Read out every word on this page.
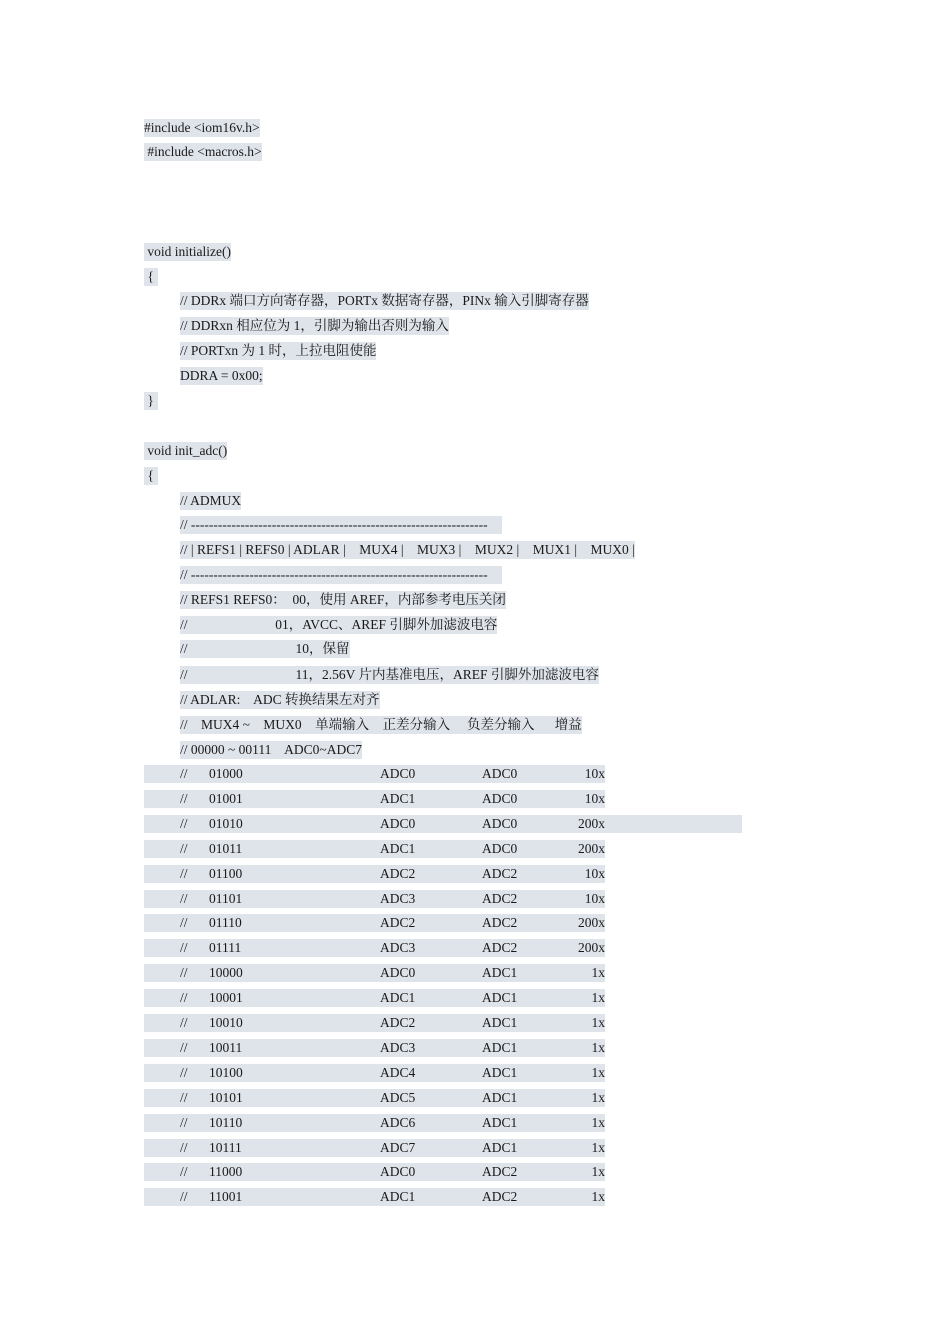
#include <iom16v.h>

#include <macros.h>

void initialize()

{

// DDRx 端口方向寄存器，PORTx 数据寄存器，PINx 输入引脚寄存器

// DDRxn 相应位为 1，引脚为输出否则为输入

// PORTxn 为 1 时，上拉电阻使能

DDRA = 0x00;

}

void init_adc()

{

// ADMUX

// ------------------------------------------------------------------

// | REFS1 | REFS0 | ADLAR |    MUX4 |    MUX3 |    MUX2 |    MUX1 |    MUX0 |

// ------------------------------------------------------------------

// REFS1 REFS0：  00，使用 AREF，内部参考电压关闭

//                          01，AVCC、AREF 引脚外加滤波电容

//                                10，保留

//                                11，2.56V 片内基准电压，AREF 引脚外加滤波电容

// ADLAR:    ADC 转换结果左对齐

//    MUX4 ~    MUX0    单端输入    正差分输入     负差分输入      增益

// 00000 ~ 00111    ADC0~ADC7

// 01000	ADC0	ADC0	10x
// 01001	ADC1	ADC0	10x
// 01010	ADC0	ADC0	200x
// 01011	ADC1	ADC0	200x
// 01100	ADC2	ADC2	10x
// 01101	ADC3	ADC2	10x
// 01110	ADC2	ADC2	200x
// 01111	ADC3	ADC2	200x
// 10000	ADC0	ADC1	1x
// 10001	ADC1	ADC1	1x
// 10010	ADC2	ADC1	1x
// 10011	ADC3	ADC1	1x
// 10100	ADC4	ADC1	1x
// 10101	ADC5	ADC1	1x
// 10110	ADC6	ADC1	1x
// 10111	ADC7	ADC1	1x
// 11000	ADC0	ADC2	1x
// 11001	ADC1	ADC2	1x
